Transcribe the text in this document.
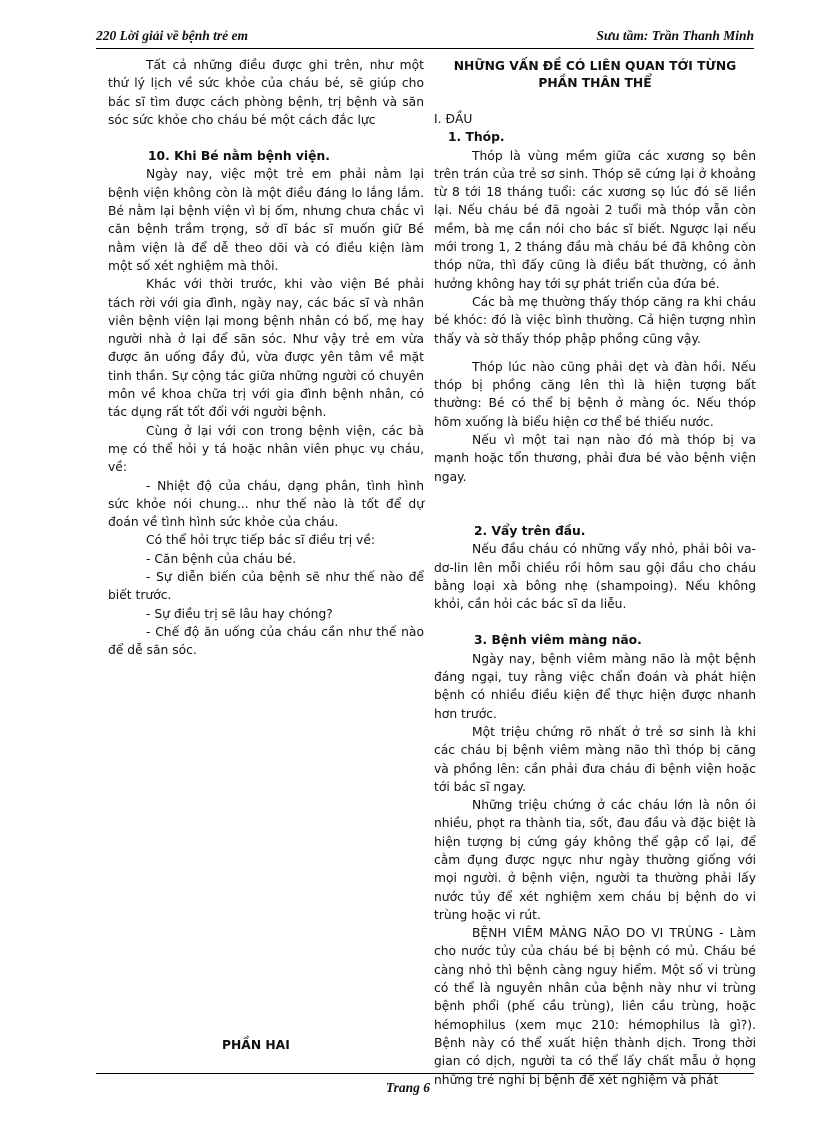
220 Lời giải về bệnh trẻ em	Sưu tầm: Trần Thanh Minh

Tất cả những điều được ghi trên, như một thứ lý lịch về sức khỏe của cháu bé, sẽ giúp cho bác sĩ tìm được cách phòng bệnh, trị bệnh và săn sóc sức khỏe cho cháu bé một cách đắc lực

10. Khi Bé nằm bệnh viện.

Ngày nay, việc một trẻ em phải nằm lại bệnh viện không còn là một điều đáng lo lắng lắm. Bé nằm lại bệnh viện vì bị ốm, nhưng chưa chắc vì căn bệnh trầm trọng, sở dĩ bác sĩ muốn giữ Bé nằm viện là để dễ theo dõi và có điều kiện làm một số xét nghiệm mà thôi.

Khác với thời trước, khi vào viện Bé phải tách rời với gia đình, ngày nay, các bác sĩ và nhân viên bệnh viện lại mong bệnh nhân có bố, mẹ hay người nhà ở lại để săn sóc. Như vậy trẻ em vừa được ăn uống đầy đủ, vừa được yên tâm về mặt tinh thần. Sự cộng tác giữa những người có chuyên môn về khoa chữa trị với gia đình bệnh nhân, có tác dụng rất tốt đối với người bệnh.

Cùng ở lại với con trong bệnh viện, các bà mẹ có thể hỏi y tá hoặc nhân viên phục vụ cháu, về:

- Nhiệt độ của cháu, dạng phân, tình hình sức khỏe nói chung... như thế nào là tốt để dự đoán về tình hình sức khỏe của cháu.

Có thể hỏi trực tiếp bác sĩ điều trị về:

- Căn bệnh của cháu bé.

- Sự diễn biến của bệnh sẽ như thế nào để biết trước.

- Sự điều trị sẽ lâu hay chóng?

- Chế độ ăn uống của cháu cần như thế nào để dễ săn sóc.

PHẦN HAI
NHỮNG VẤN ĐỀ CÓ LIÊN QUAN TỚI TỪNG PHẦN THÂN THỂ
I. ĐẦU
1. Thóp.

Thóp là vùng mềm giữa các xương sọ bên trên trán của trẻ sơ sinh. Thóp sẽ cứng lại ở khoảng từ 8 tới 18 tháng tuổi: các xương sọ lúc đó sẽ liền lại. Nếu cháu bé đã ngoài 2 tuổi mà thóp vẫn còn mềm, bà mẹ cần nói cho bác sĩ biết. Ngược lại nếu mới trong 1, 2 tháng đầu mà cháu bé đã không còn thóp nữa, thì đấy cũng là điều bất thường, có ảnh hưởng không hay tới sự phát triển của đứa bé.

Các bà mẹ thường thấy thóp căng ra khi cháu bé khóc: đó là việc bình thường. Cả hiện tượng nhìn thấy và sờ thấy thóp phập phồng cũng vậy.

Thóp lúc nào cũng phải dẹt và đàn hồi. Nếu thóp bị phồng căng lên thì là hiện tượng bất thường: Bé có thể bị bệnh ở màng óc. Nếu thóp hõm xuống là biểu hiện cơ thể bé thiếu nước.

Nếu vì một tai nạn nào đó mà thóp bị va mạnh hoặc tổn thương, phải đưa bé vào bệnh viện ngay.

2. Vẩy trên đầu.

Nếu đầu cháu có những vẩy nhỏ, phải bôi va-dơ-lin lên mỗi chiều rồi hôm sau gội đầu cho cháu bằng loại xà bông nhẹ (shampoing). Nếu không khỏi, cần hỏi các bác sĩ da liễu.

3. Bệnh viêm màng não.

Ngày nay, bệnh viêm màng não là một bệnh đáng ngại, tuy rằng việc chẩn đoán và phát hiện bệnh có nhiều điều kiện để thực hiện được nhanh hơn trước.

Một triệu chứng rõ nhất ở trẻ sơ sinh là khi các cháu bị bệnh viêm màng não thì thóp bị căng và phồng lên: cần phải đưa cháu đi bệnh viện hoặc tới bác sĩ ngay.

Những triệu chứng ở các cháu lớn là nôn ói nhiều, phọt ra thành tia, sốt, đau đầu và đặc biệt là hiện tượng bị cứng gáy không thể gập cổ lại, để cằm đụng được ngực như ngày thường giống với mọi người. ở bệnh viện, người ta thường phải lấy nước tủy để xét nghiệm xem cháu bị bệnh do vi trùng hoặc vi rút.

BỆNH VIÊM MÀNG NÃO DO VI TRÙNG - Làm cho nước tủy của cháu bé bị bệnh có mủ. Cháu bé càng nhỏ thì bệnh càng nguy hiểm. Một số vi trùng có thể là nguyên nhân của bệnh này như vi trùng bệnh phổi (phế cầu trùng), liên cầu trùng, hoặc hémophilus (xem mục 210: hémophilus là gì?). Bệnh này có thể xuất hiện thành dịch. Trong thời gian có dịch, người ta có thể lấy chất mẫu ở họng những trẻ nghi bị bệnh để xét nghiệm và phát

Trang 6
